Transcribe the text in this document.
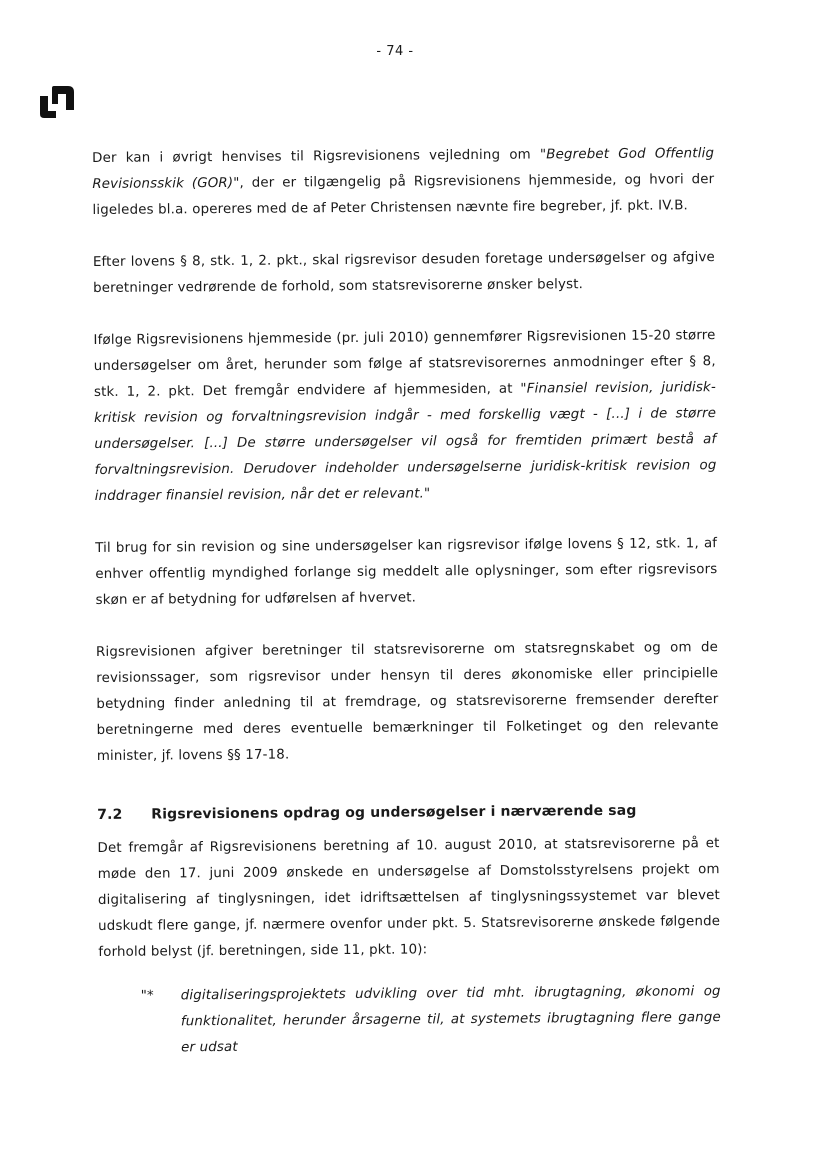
- 74 -

Der kan i øvrigt henvises til Rigsrevisionens vejledning om "Begrebet God Offentlig Revisionsskik (GOR)", der er tilgængelig på Rigsrevisionens hjemmeside, og hvori der ligeledes bl.a. opereres med de af Peter Christensen nævnte fire begreber, jf. pkt. IV.B.

Efter lovens § 8, stk. 1, 2. pkt., skal rigsrevisor desuden foretage undersøgelser og afgive beretninger vedrørende de forhold, som statsrevisorerne ønsker belyst.

Ifølge Rigsrevisionens hjemmeside (pr. juli 2010) gennemfører Rigsrevisionen 15-20 større undersøgelser om året, herunder som følge af statsrevisorernes anmodninger efter § 8, stk. 1, 2. pkt. Det fremgår endvidere af hjemmesiden, at "Finansiel revision, juridisk-kritisk revision og forvaltningsrevision indgår - med forskellig vægt - [...] i de større undersøgelser. [...] De større undersøgelser vil også for fremtiden primært bestå af forvaltningsrevision. Derudover indeholder undersøgelserne juridisk-kritisk revision og inddrager finansiel revision, når det er relevant."

Til brug for sin revision og sine undersøgelser kan rigsrevisor ifølge lovens § 12, stk. 1, af enhver offentlig myndighed forlange sig meddelt alle oplysninger, som efter rigsrevisors skøn er af betydning for udførelsen af hvervet.

Rigsrevisionen afgiver beretninger til statsrevisorerne om statsregnskabet og om de revisionssager, som rigsrevisor under hensyn til deres økonomiske eller principielle betydning finder anledning til at fremdrage, og statsrevisorerne fremsender derefter beretningerne med deres eventuelle bemærkninger til Folketinget og den relevante minister, jf. lovens §§ 17-18.

7.2	Rigsrevisionens opdrag og undersøgelser i nærværende sag

Det fremgår af Rigsrevisionens beretning af 10. august 2010, at statsrevisorerne på et møde den 17. juni 2009 ønskede en undersøgelse af Domstolsstyrelsens projekt om digitalisering af tinglysningen, idet idriftsættelsen af tinglysningssystemet var blevet udskudt flere gange, jf. nærmere ovenfor under pkt. 5. Statsrevisorerne ønskede følgende forhold belyst (jf. beretningen, side 11, pkt. 10):

"*	digitaliseringsprojektets udvikling over tid mht. ibrugtagning, økonomi og funktionalitet, herunder årsagerne til, at systemets ibrugtagning flere gange er udsat
